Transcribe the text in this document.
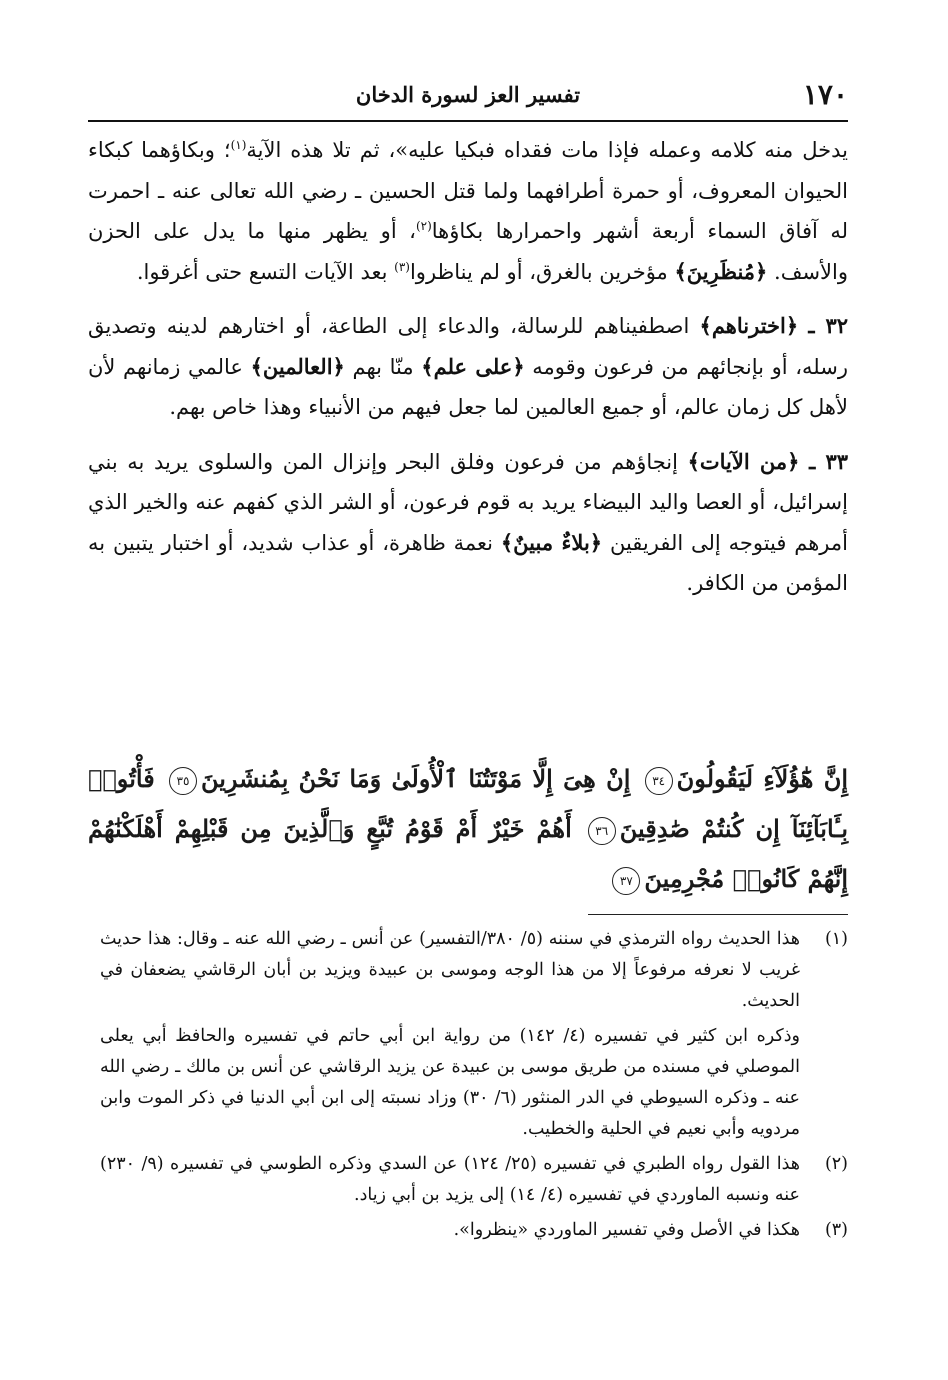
١٧٠
تفسير العز لسورة الدخان

يدخل منه كلامه وعمله فإذا مات فقداه فبكيا عليه»، ثم تلا هذه الآية$^{(١)}$؛ وبكاؤهما كبكاء الحيوان المعروف، أو حمرة أطرافهما ولما قتل الحسين ـ رضي الله تعالى عنه ـ احمرت له آفاق السماء أربعة أشهر واحمرارها بكاؤها$^{(٢)}$، أو يظهر منها ما يدل على الحزن والأسف. ﴿مُنظَرِينَ﴾ مؤخرين بالغرق، أو لم يناظروا$^{(٣)}$ بعد الآيات التسع حتى أغرقوا.

٣٢ ـ ﴿اخترناهم﴾ اصطفيناهم للرسالة، والدعاء إلى الطاعة، أو اختارهم لدينه وتصديق رسله، أو بإنجائهم من فرعون وقومه ﴿على علم﴾ منّا بهم ﴿العالمين﴾ عالمي زمانهم لأن لأهل كل زمان عالم، أو جميع العالمين لما جعل فيهم من الأنبياء وهذا خاص بهم.

٣٣ ـ ﴿من الآيات﴾ إنجاؤهم من فرعون وفلق البحر وإنزال المن والسلوى يريد به بني إسرائيل، أو العصا واليد البيضاء يريد به قوم فرعون، أو الشر الذي كفهم عنه والخير الذي أمرهم فيتوجه إلى الفريقين ﴿بلاءٌ مبينٌ﴾ نعمة ظاهرة، أو عذاب شديد، أو اختبار يتبين به المؤمن من الكافر.

إِنَّ هَٰٓؤُلَآءِ لَيَقُولُونَ٣٤ إِنْ هِىَ إِلَّا مَوْتَتُنَا ٱلْأُولَىٰ وَمَا نَحْنُ بِمُنشَرِينَ٣٥ فَأْتُوا۟ بِـَٔابَآئِنَآ إِن كُنتُمْ صَٰدِقِينَ٣٦ أَهُمْ خَيْرٌ أَمْ قَوْمُ تُبَّعٍ وَٱلَّذِينَ مِن قَبْلِهِمْ أَهْلَكْنَٰهُمْ إِنَّهُمْ كَانُوا۟ مُجْرِمِينَ٣٧
(١)
هذا الحديث رواه الترمذي في سننه (٥/ ٣٨٠/التفسير) عن أنس ـ رضي الله عنه ـ وقال: هذا حديث غريب لا نعرفه مرفوعاً إلا من هذا الوجه وموسى بن عبيدة ويزيد بن أبان الرقاشي يضعفان في الحديث.
وذكره ابن كثير في تفسيره (٤/ ١٤٢) من رواية ابن أبي حاتم في تفسيره والحافظ أبي يعلى الموصلي في مسنده من طريق موسى بن عبيدة عن يزيد الرقاشي عن أنس بن مالك ـ رضي الله عنه ـ وذكره السيوطي في الدر المنثور (٦/ ٣٠) وزاد نسبته إلى ابن أبي الدنيا في ذكر الموت وابن مردويه وأبي نعيم في الحلية والخطيب.
(٢)
هذا القول رواه الطبري في تفسيره (٢٥/ ١٢٤) عن السدي وذكره الطوسي في تفسيره (٩/ ٢٣٠) عنه ونسبه الماوردي في تفسيره (٤/ ١٤) إلى يزيد بن أبي زياد.
(٣)
هكذا في الأصل وفي تفسير الماوردي «ينظروا».
